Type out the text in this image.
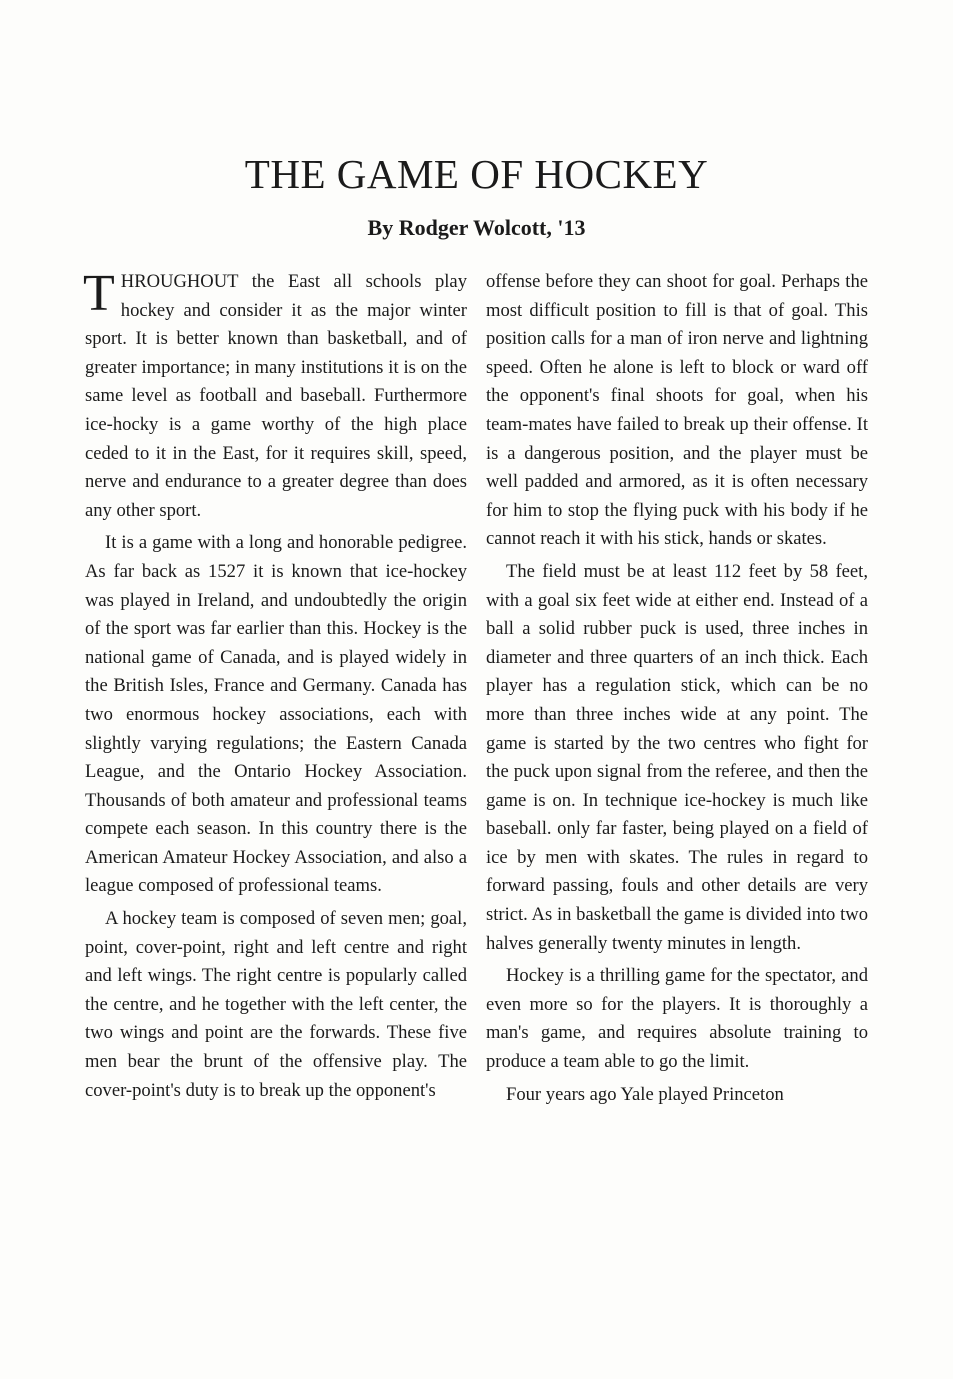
THE GAME OF HOCKEY
By Rodger Wolcott, '13

THROUGHOUT the East all schools play hockey and consider it as the major winter sport. It is better known than basketball, and of greater importance; in many institutions it is on the same level as football and baseball. Furthermore ice-hocky is a game worthy of the high place ceded to it in the East, for it requires skill, speed, nerve and endurance to a greater degree than does any other sport.

It is a game with a long and honorable pedigree. As far back as 1527 it is known that ice-hockey was played in Ireland, and undoubtedly the origin of the sport was far earlier than this. Hockey is the national game of Canada, and is played widely in the British Isles, France and Germany. Canada has two enormous hockey associations, each with slightly varying regulations; the Eastern Canada League, and the Ontario Hockey Association. Thousands of both amateur and professional teams compete each season. In this country there is the American Amateur Hockey Association, and also a league composed of professional teams.

A hockey team is composed of seven men; goal, point, cover-point, right and left centre and right and left wings. The right centre is popularly called the centre, and he together with the left center, the two wings and point are the forwards. These five men bear the brunt of the offensive play. The cover-point's duty is to break up the opponent's

offense before they can shoot for goal. Perhaps the most difficult position to fill is that of goal. This position calls for a man of iron nerve and lightning speed. Often he alone is left to block or ward off the opponent's final shoots for goal, when his team-mates have failed to break up their offense. It is a dangerous position, and the player must be well padded and armored, as it is often necessary for him to stop the flying puck with his body if he cannot reach it with his stick, hands or skates.

The field must be at least 112 feet by 58 feet, with a goal six feet wide at either end. Instead of a ball a solid rubber puck is used, three inches in diameter and three quarters of an inch thick. Each player has a regulation stick, which can be no more than three inches wide at any point. The game is started by the two centres who fight for the puck upon signal from the referee, and then the game is on. In technique ice-hockey is much like baseball. only far faster, being played on a field of ice by men with skates. The rules in regard to forward passing, fouls and other details are very strict. As in basketball the game is divided into two halves generally twenty minutes in length.

Hockey is a thrilling game for the spectator, and even more so for the players. It is thoroughly a man's game, and requires absolute training to produce a team able to go the limit.

Four years ago Yale played Princeton
